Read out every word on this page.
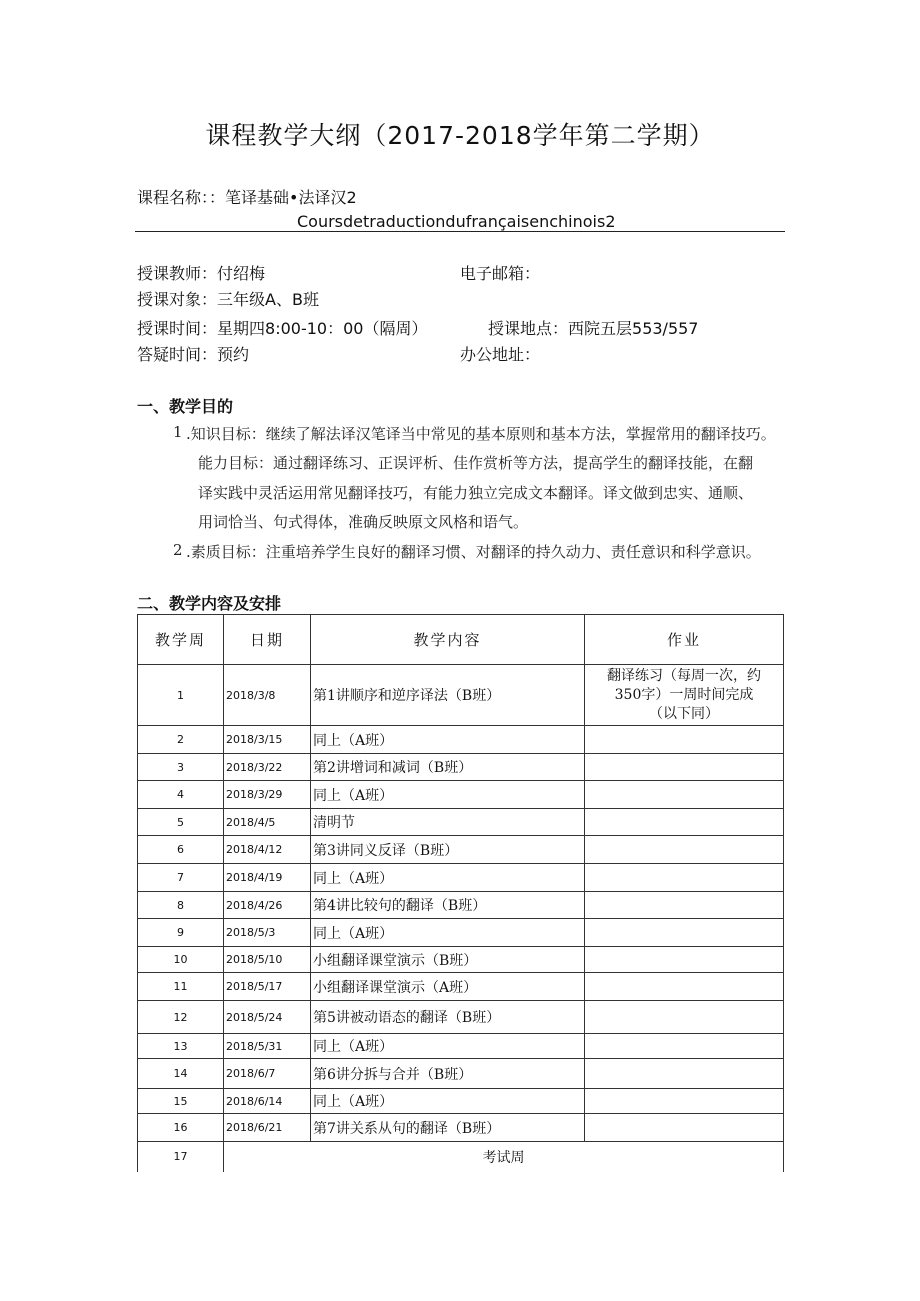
课程教学大纲（2017-2018学年第二学期）
课程名称：：笔译基础•法译汉2
Coursdetraductiondufrançaisenchinois2
授课教师：付绍梅	电子邮箱：
授课对象：三年级A、B班
授课时间：星期四8:00-10：00（隔周）	授课地点：西院五层553/557
答疑时间：预约	办公地址：
一、教学目的
1 .知识目标：继续了解法译汉笔译当中常见的基本原则和基本方法，掌握常用的翻译技巧。
能力目标：通过翻译练习、正误评析、佳作赏析等方法，提高学生的翻译技能，在翻
译实践中灵活运用常见翻译技巧，有能力独立完成文本翻译。译文做到忠实、通顺、
用词恰当、句式得体，准确反映原文风格和语气。
2 .素质目标：注重培养学生良好的翻译习惯、对翻译的持久动力、责任意识和科学意识。
二、教学内容及安排
教学周	日期	教学内容	作业
1	2018/3/8	第1讲顺序和逆序译法（B班）	翻译练习（每周一次，约
350字）一周时间完成
（以下同）

2	2018/3/15	同上（A班）	
3	2018/3/22	第2讲增词和减词（B班）	
4	2018/3/29	同上（A班）	
5	2018/4/5	清明节	
6	2018/4/12	第3讲同义反译（B班）	
7	2018/4/19	同上（A班）	
8	2018/4/26	第4讲比较句的翻译（B班）	
9	2018/5/3	同上（A班）	
10	2018/5/10	小组翻译课堂演示（B班）	
11	2018/5/17	小组翻译课堂演示（A班）	
12	2018/5/24	第5讲被动语态的翻译（B班）	
13	2018/5/31	同上（A班）	
14	2018/6/7	第6讲分拆与合并（B班）	
15	2018/6/14	同上（A班）	
16	2018/6/21	第7讲关系从句的翻译（B班）	
17	考试周		
